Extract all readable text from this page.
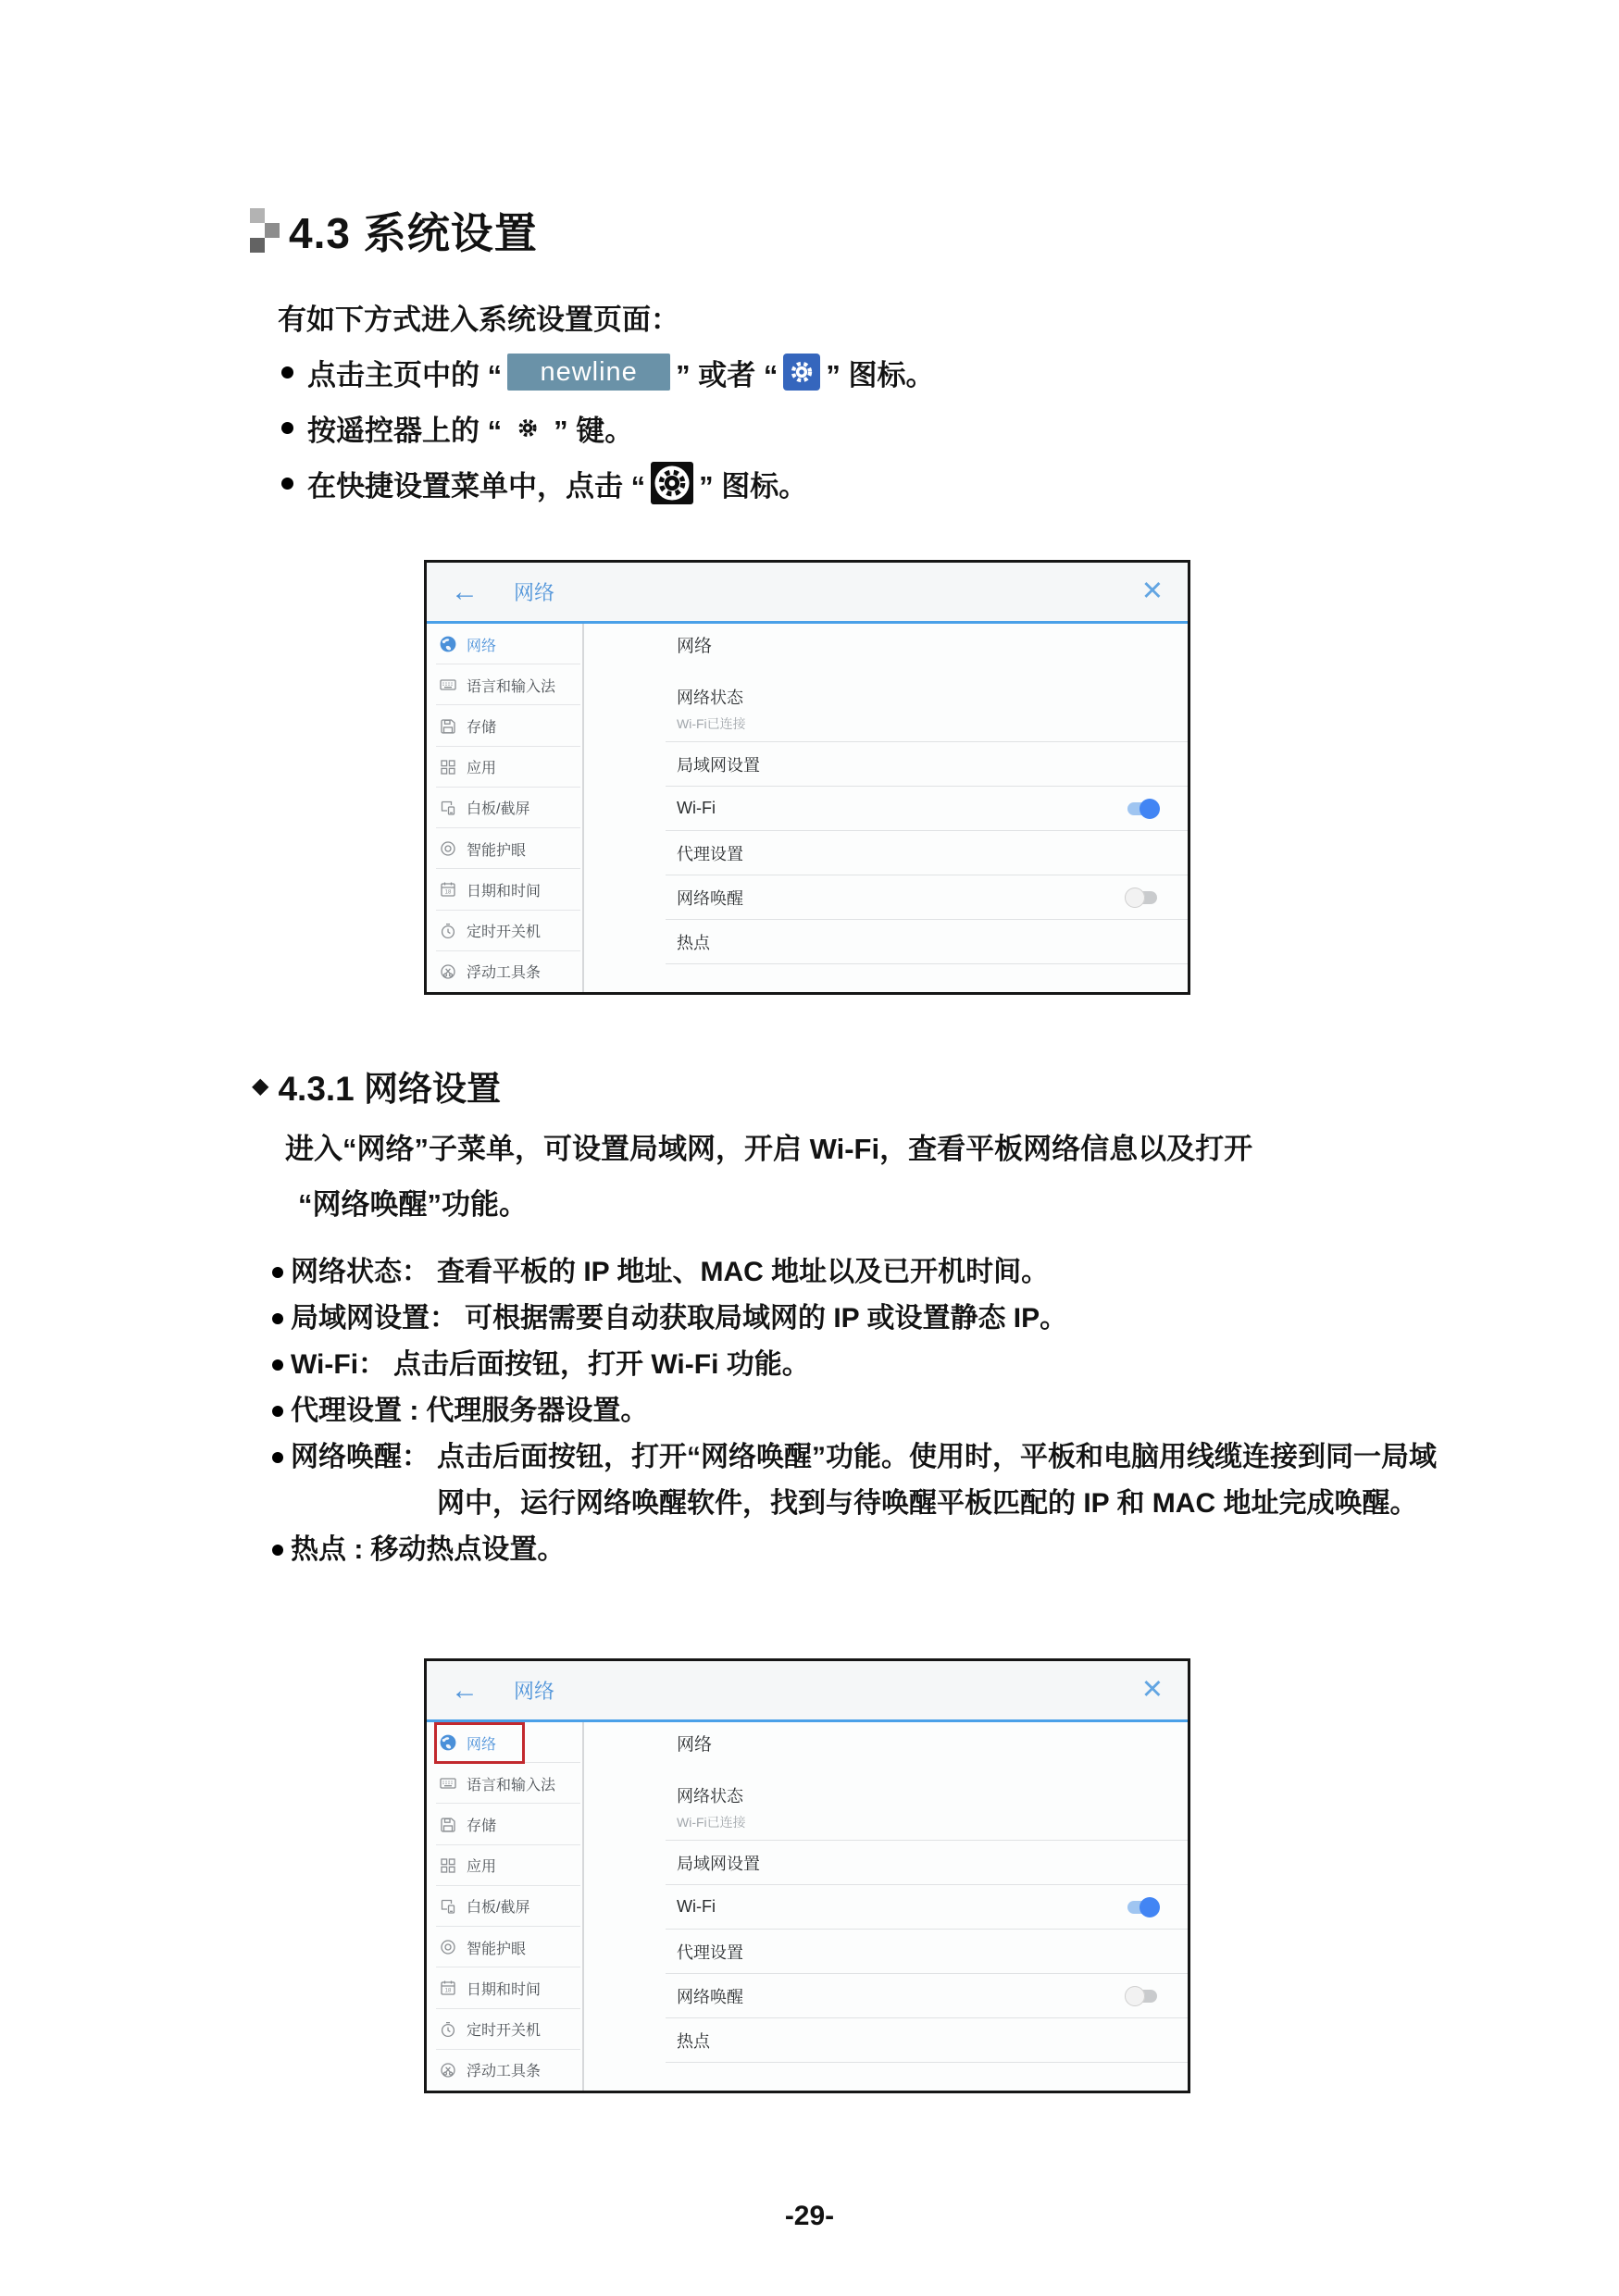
4.3 系统设置

有如下方式进入系统设置页面：

点击主页中的 “	newline	” 或者 “ ” 图标。
按遥控器上的 “ ” 键。
在快捷设置菜单中，点击 “ ” 图标。
← 网络	✕
网络
语言和输入法
存储
应用
白板/截屏
智能护眼
18 日期和时间
定时开关机
浮动工具条
网络
网络状态
Wi-Fi已连接
局域网设置
Wi-Fi
代理设置
网络唤醒
热点
◆ 4.3.1 网络设置
进入“网络”子菜单，可设置局域网，开启 Wi-Fi，查看平板网络信息以及打开
“网络唤醒”功能。
网络状态： 查看平板的 IP 地址、MAC 地址以及已开机时间。
局域网设置： 可根据需要自动获取局域网的 IP 或设置静态 IP。
Wi-Fi： 点击后面按钮，打开 Wi-Fi 功能。
代理设置 : 代理服务器设置。
网络唤醒： 点击后面按钮，打开“网络唤醒”功能。使用时，平板和电脑用线缆连接到同一局域网中，运行网络唤醒软件，找到与待唤醒平板匹配的 IP 和 MAC 地址完成唤醒。
热点 : 移动热点设置。
← 网络	✕
网络
语言和输入法
存储
应用
白板/截屏
智能护眼
18 日期和时间
定时开关机
浮动工具条
网络
网络状态
Wi-Fi已连接
局域网设置
Wi-Fi
代理设置
网络唤醒
热点
-29-
